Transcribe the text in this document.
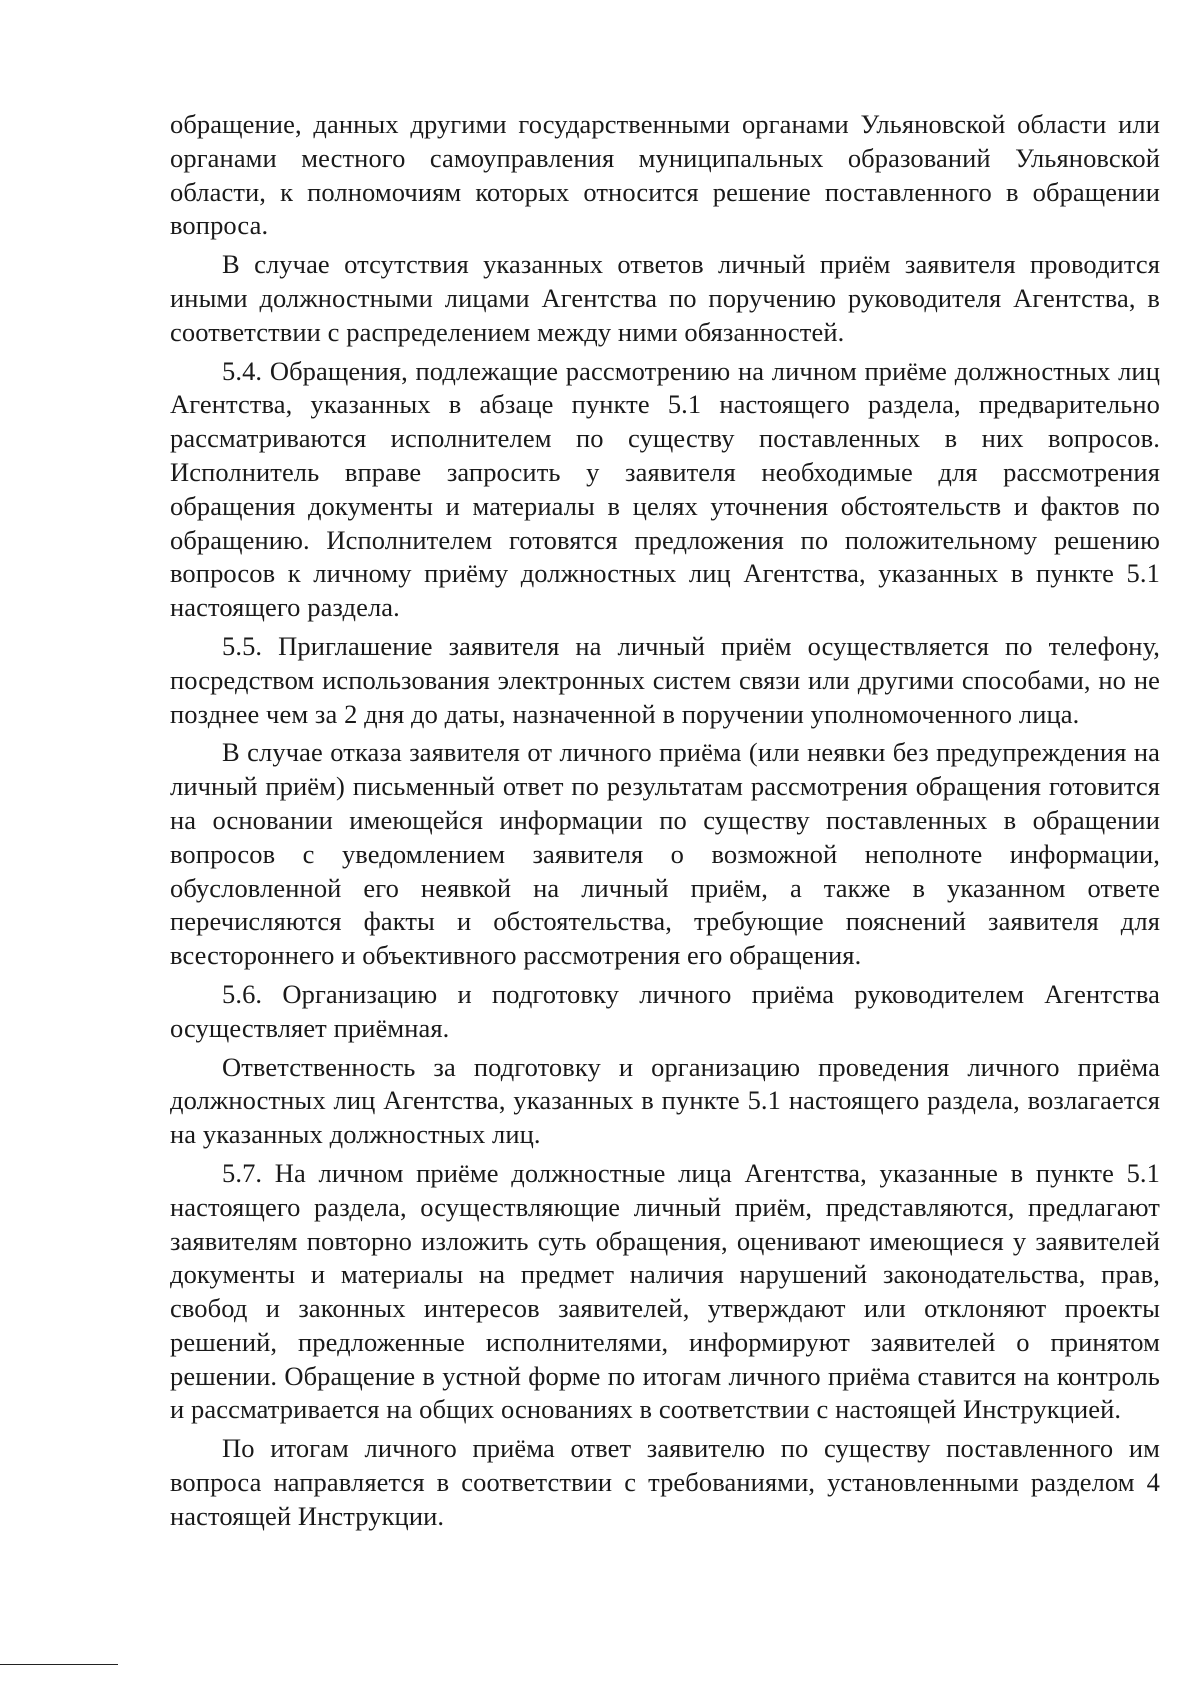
обращение, данных другими государственными органами Ульяновской области или органами местного самоуправления муниципальных образований Ульяновской области, к полномочиям которых относится решение поставленного в обращении вопроса.

В случае отсутствия указанных ответов личный приём заявителя проводится иными должностными лицами Агентства по поручению руководителя Агентства, в соответствии с распределением между ними обязанностей.

5.4. Обращения, подлежащие рассмотрению на личном приёме должностных лиц Агентства, указанных в абзаце пункте 5.1 настоящего раздела, предварительно рассматриваются исполнителем по существу поставленных в них вопросов. Исполнитель вправе запросить у заявителя необходимые для рассмотрения обращения документы и материалы в целях уточнения обстоятельств и фактов по обращению. Исполнителем готовятся предложения по положительному решению вопросов к личному приёму должностных лиц Агентства, указанных в пункте 5.1 настоящего раздела.

5.5. Приглашение заявителя на личный приём осуществляется по телефону, посредством использования электронных систем связи или другими способами, но не позднее чем за 2 дня до даты, назначенной в поручении уполномоченного лица.

В случае отказа заявителя от личного приёма (или неявки без предупреждения на личный приём) письменный ответ по результатам рассмотрения обращения готовится на основании имеющейся информации по существу поставленных в обращении вопросов с уведомлением заявителя о возможной неполноте информации, обусловленной его неявкой на личный приём, а также в указанном ответе перечисляются факты и обстоятельства, требующие пояснений заявителя для всестороннего и объективного рассмотрения его обращения.

5.6. Организацию и подготовку личного приёма руководителем Агентства осуществляет приёмная.

Ответственность за подготовку и организацию проведения личного приёма должностных лиц Агентства, указанных в пункте 5.1 настоящего раздела, возлагается на указанных должностных лиц.

5.7. На личном приёме должностные лица Агентства, указанные в пункте 5.1 настоящего раздела, осуществляющие личный приём, представляются, предлагают заявителям повторно изложить суть обращения, оценивают имеющиеся у заявителей документы и материалы на предмет наличия нарушений законодательства, прав, свобод и законных интересов заявителей, утверждают или отклоняют проекты решений, предложенные исполнителями, информируют заявителей о принятом решении. Обращение в устной форме по итогам личного приёма ставится на контроль и рассматривается на общих основаниях в соответствии с настоящей Инструкцией.

По итогам личного приёма ответ заявителю по существу поставленного им вопроса направляется в соответствии с требованиями, установленными разделом 4 настоящей Инструкции.
